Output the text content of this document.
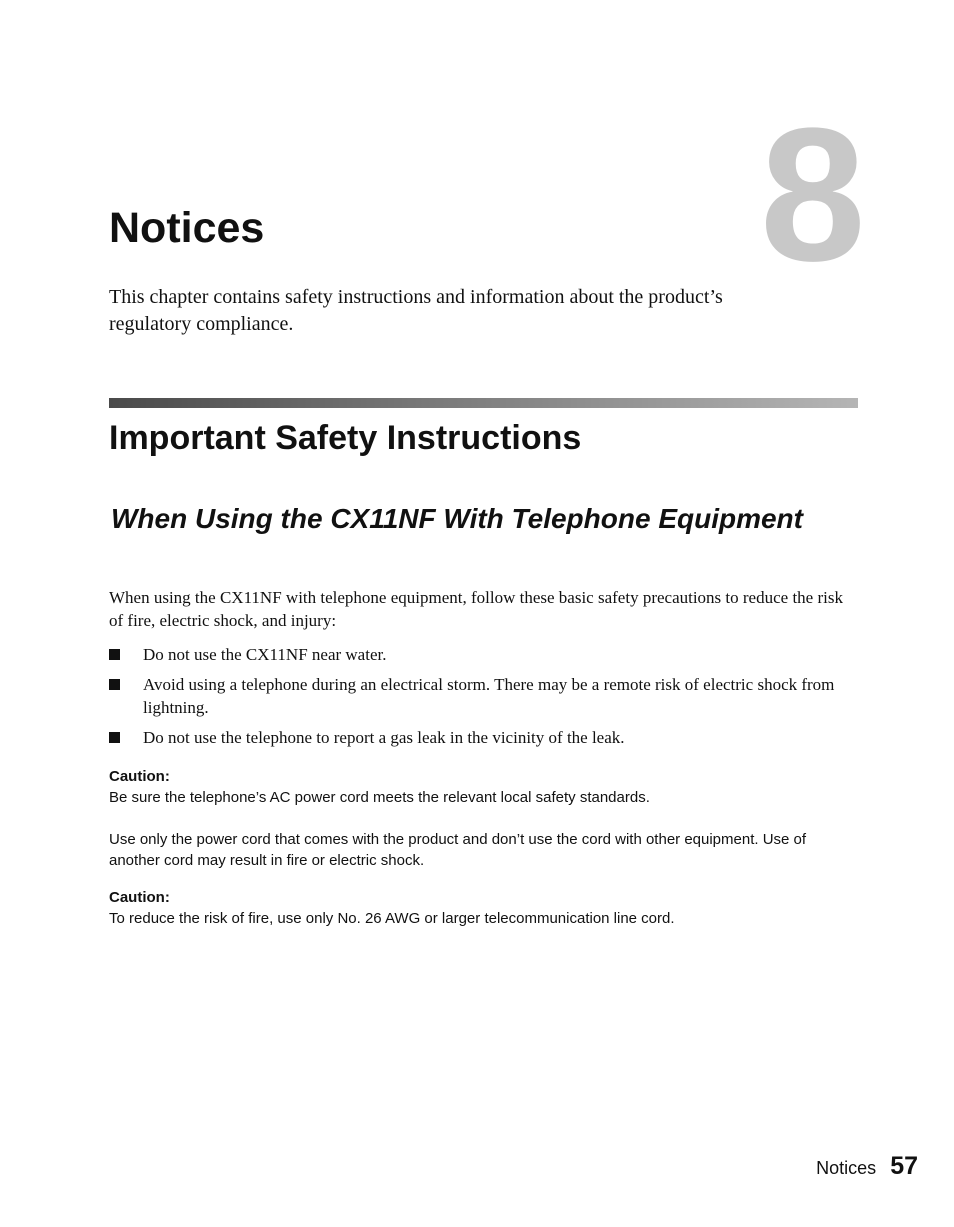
8
Notices

This chapter contains safety instructions and information about the product’s regulatory compliance.

Important Safety Instructions
When Using the CX11NF With Telephone Equipment

When using the CX11NF with telephone equipment, follow these basic safety precautions to reduce the risk of fire, electric shock, and injury:

Do not use the CX11NF near water.
Avoid using a telephone during an electrical storm. There may be a remote risk of electric shock from lightning.
Do not use the telephone to report a gas leak in the vicinity of the leak.

Caution:

Be sure the telephone’s AC power cord meets the relevant local safety standards.

Use only the power cord that comes with the product and don’t use the cord with other equipment. Use of another cord may result in fire or electric shock.

Caution:

To reduce the risk of fire, use only No. 26 AWG or larger telecommunication line cord.

Notices 57
